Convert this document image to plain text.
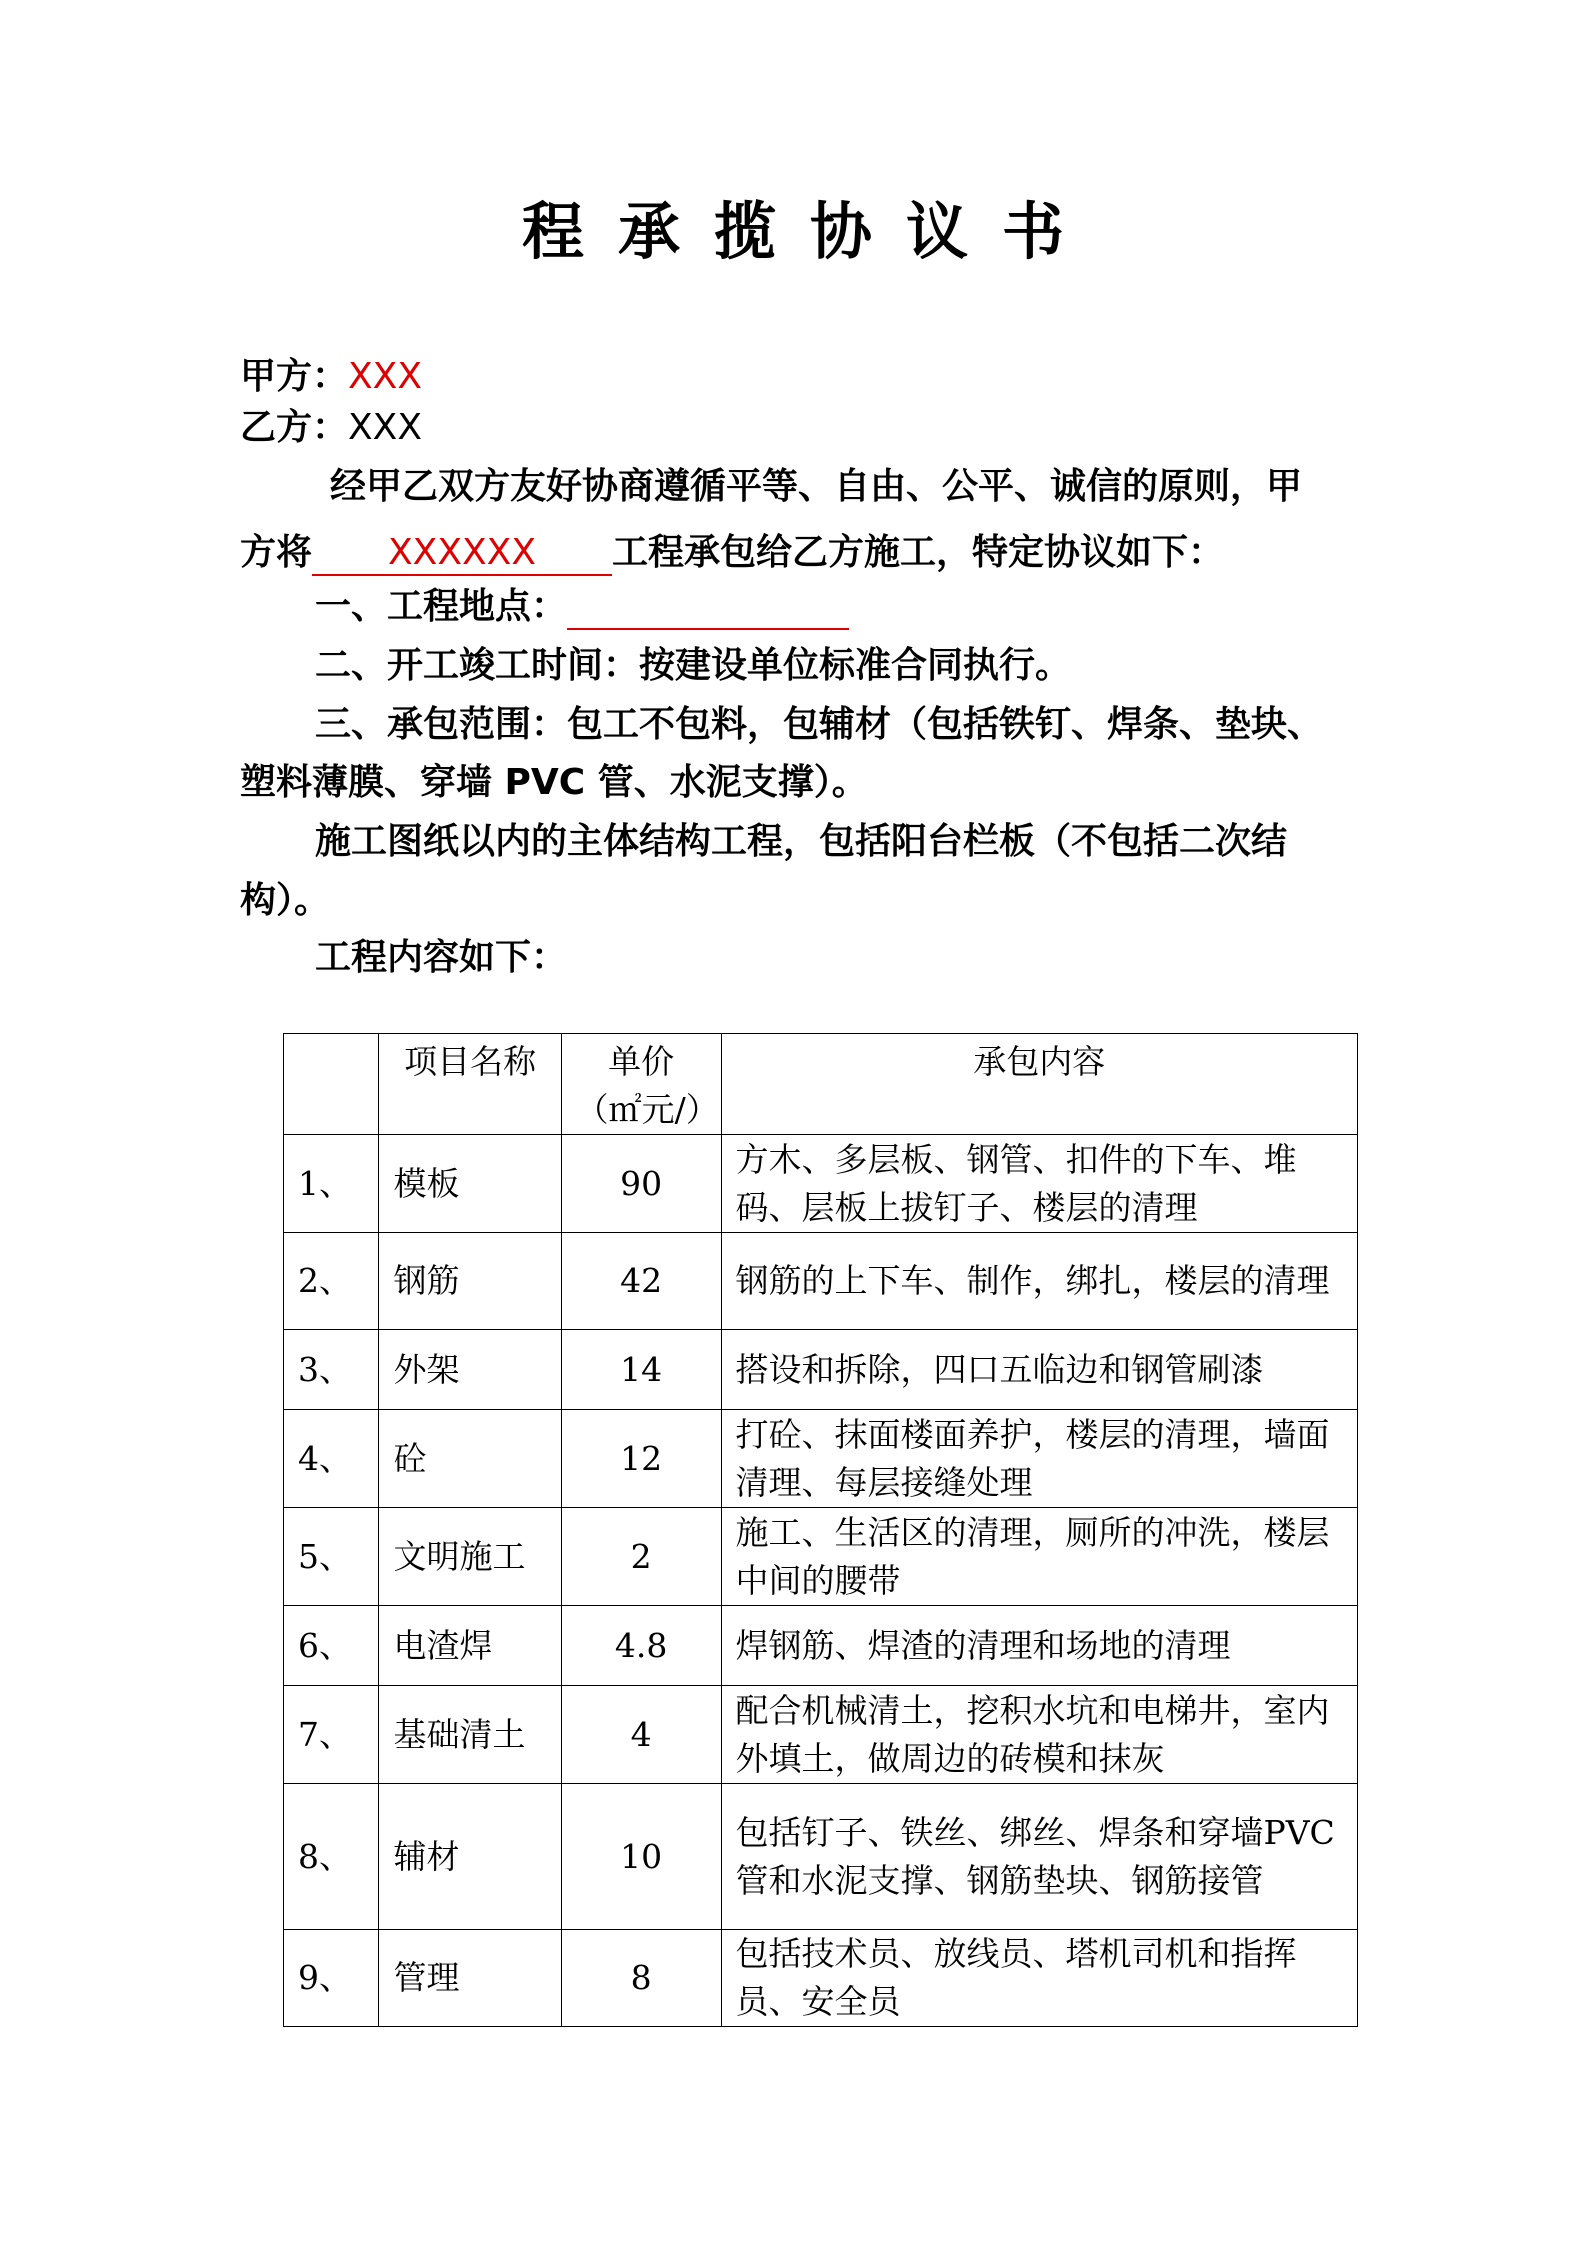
程承揽协议书
甲方：XXX
乙方：XXX
经甲乙双方友好协商遵循平等、自由、公平、诚信的原则，甲
方将 XXXXXX 工程承包给乙方施工，特定协议如下：
一、工程地点：
二、开工竣工时间：按建设单位标准合同执行。
三、承包范围：包工不包料，包辅材（包括铁钉、焊条、垫块、
塑料薄膜、穿墙 PVC 管、水泥支撑）。
施工图纸以内的主体结构工程，包括阳台栏板（不包括二次结
构）。
工程内容如下：
	项目名称	单价（㎡元/）	承包内容
1、	模板	90	方木、多层板、钢管、扣件的下车、堆码、层板上拔钉子、楼层的清理
2、	钢筋	42	钢筋的上下车、制作，绑扎，楼层的清理
3、	外架	14	搭设和拆除，四口五临边和钢管刷漆
4、	砼	12	打砼、抹面楼面养护，楼层的清理，墙面清理、每层接缝处理
5、	文明施工	2	施工、生活区的清理，厕所的冲洗，楼层中间的腰带
6、	电渣焊	4.8	焊钢筋、焊渣的清理和场地的清理
7、	基础清土	4	配合机械清土，挖积水坑和电梯井，室内外填土，做周边的砖模和抹灰
8、	辅材	10	包括钉子、铁丝、绑丝、焊条和穿墙PVC管和水泥支撑、钢筋垫块、钢筋接管
9、	管理	8	包括技术员、放线员、塔机司机和指挥员、安全员
